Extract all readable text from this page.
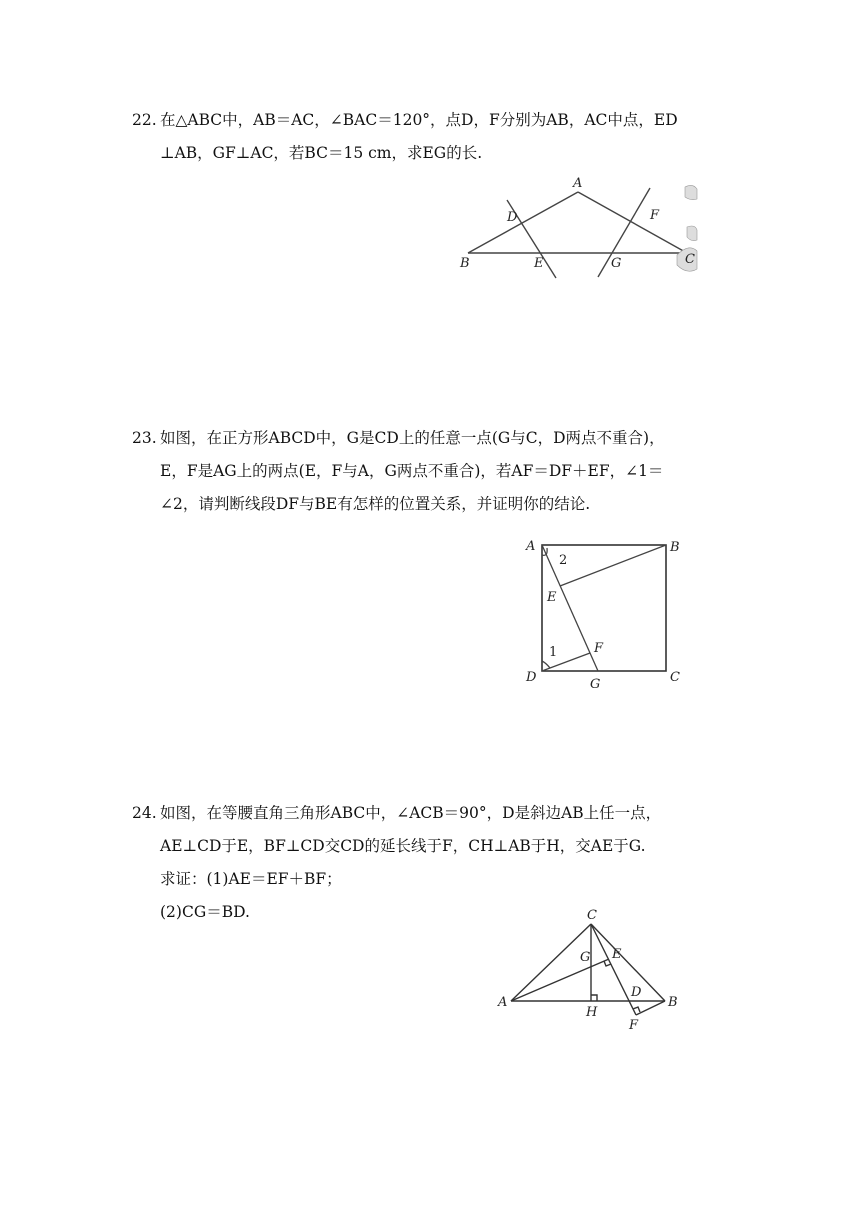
22. 在△ABC中，AB＝AC，∠BAC＝120°，点D，F分别为AB，AC中点，ED
⊥AB，GF⊥AC，若BC＝15 cm，求EG的长.
A
B	C
D
E
F
G
23. 如图，在正方形ABCD中，G是CD上的任意一点(G与C，D两点不重合)，
E，F是AG上的两点(E，F与A，G两点不重合)，若AF＝DF＋EF，∠1＝
∠2，请判断线段DF与BE有怎样的位置关系，并证明你的结论.
A	B
C
D
E
F
G
2
1
24. 如图，在等腰直角三角形ABC中，∠ACB＝90°，D是斜边AB上任一点，
AE⊥CD于E，BF⊥CD交CD的延长线于F，CH⊥AB于H，交AE于G.
求证：(1)AE＝EF＋BF；
(2)CG＝BD.	C
A	B
G E
D
H
F
